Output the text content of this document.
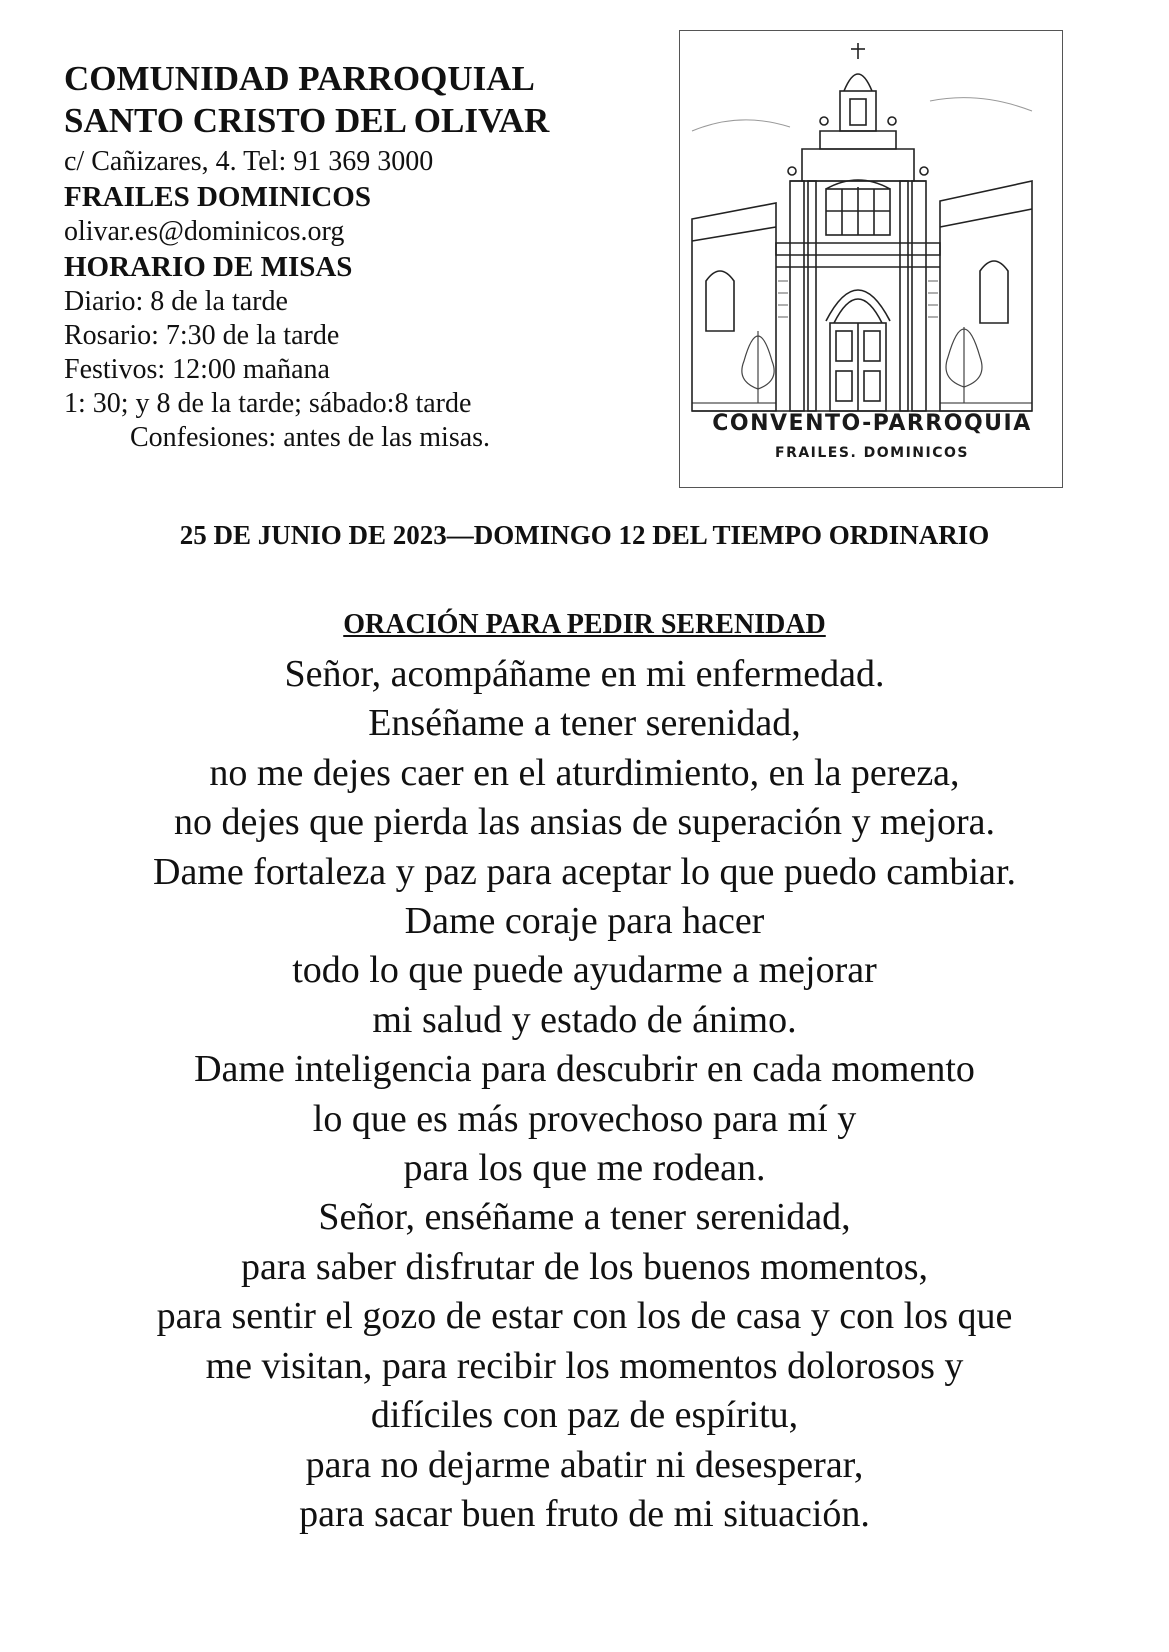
COMUNIDAD PARROQUIAL
SANTO CRISTO DEL OLIVAR
c/ Cañizares, 4. Tel: 91 369 3000
FRAILES DOMINICOS
olivar.es@dominicos.org
HORARIO DE MISAS
Diario: 8 de la tarde
Rosario: 7:30 de la tarde
Festivos: 12:00 mañana
1: 30; y 8 de la tarde; sábado:8 tarde
Confesiones: antes de las misas.	CONVENTO-PARROQUIA
FRAILES. DOMINICOS
25 DE JUNIO DE 2023—DOMINGO 12 DEL TIEMPO ORDINARIO
ORACIÓN PARA PEDIR SERENIDAD
Señor, acompáñame en mi enfermedad.
Enséñame a tener serenidad,
no me dejes caer en el aturdimiento, en la pereza,
no dejes que pierda las ansias de superación y mejora.
Dame fortaleza y paz para aceptar lo que puedo cambiar.
Dame coraje para hacer
todo lo que puede ayudarme a mejorar
mi salud y estado de ánimo.
Dame inteligencia para descubrir en cada momento
lo que es más provechoso para mí y
para los que me rodean.
Señor, enséñame a tener serenidad,
para saber disfrutar de los buenos momentos,
para sentir el gozo de estar con los de casa y con los que
me visitan, para recibir los momentos dolorosos y
difíciles con paz de espíritu,
para no dejarme abatir ni desesperar,
para sacar buen fruto de mi situación.
